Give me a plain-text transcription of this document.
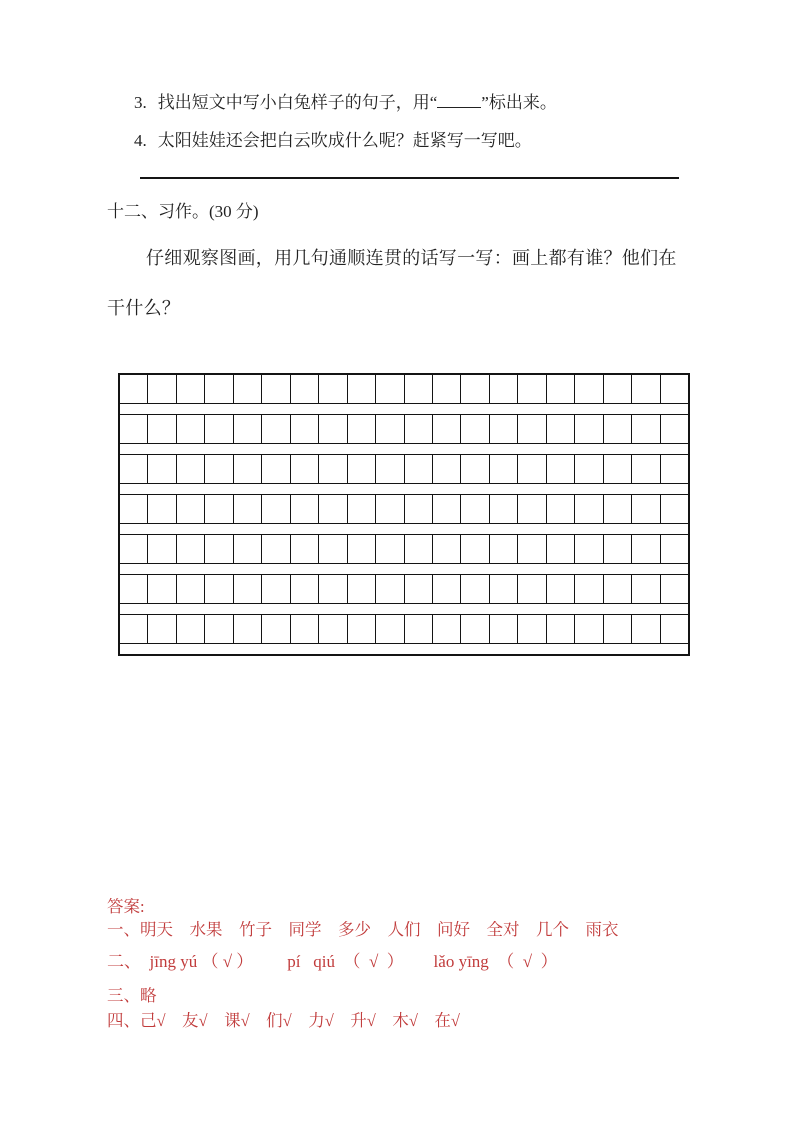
3. 找出短文中写小白兔样子的句子，用“	”标出来。
4. 太阳娃娃还会把白云吹成什么呢？赶紧写一写吧。
十二、习作。(30 分)
仔细观察图画，用几句通顺连贯的话写一写：画上都有谁？他们在
干什么？
答案:
一、明天　水果　竹子　同学　多少　人们　问好　全对　几个　雨衣
二、  jīng yú （ √ ）        pí   qiú  （  √  ）       lǎo yīng  （  √  ）
三、略
四、己√　友√　课√　们√　力√　升√　木√　在√
